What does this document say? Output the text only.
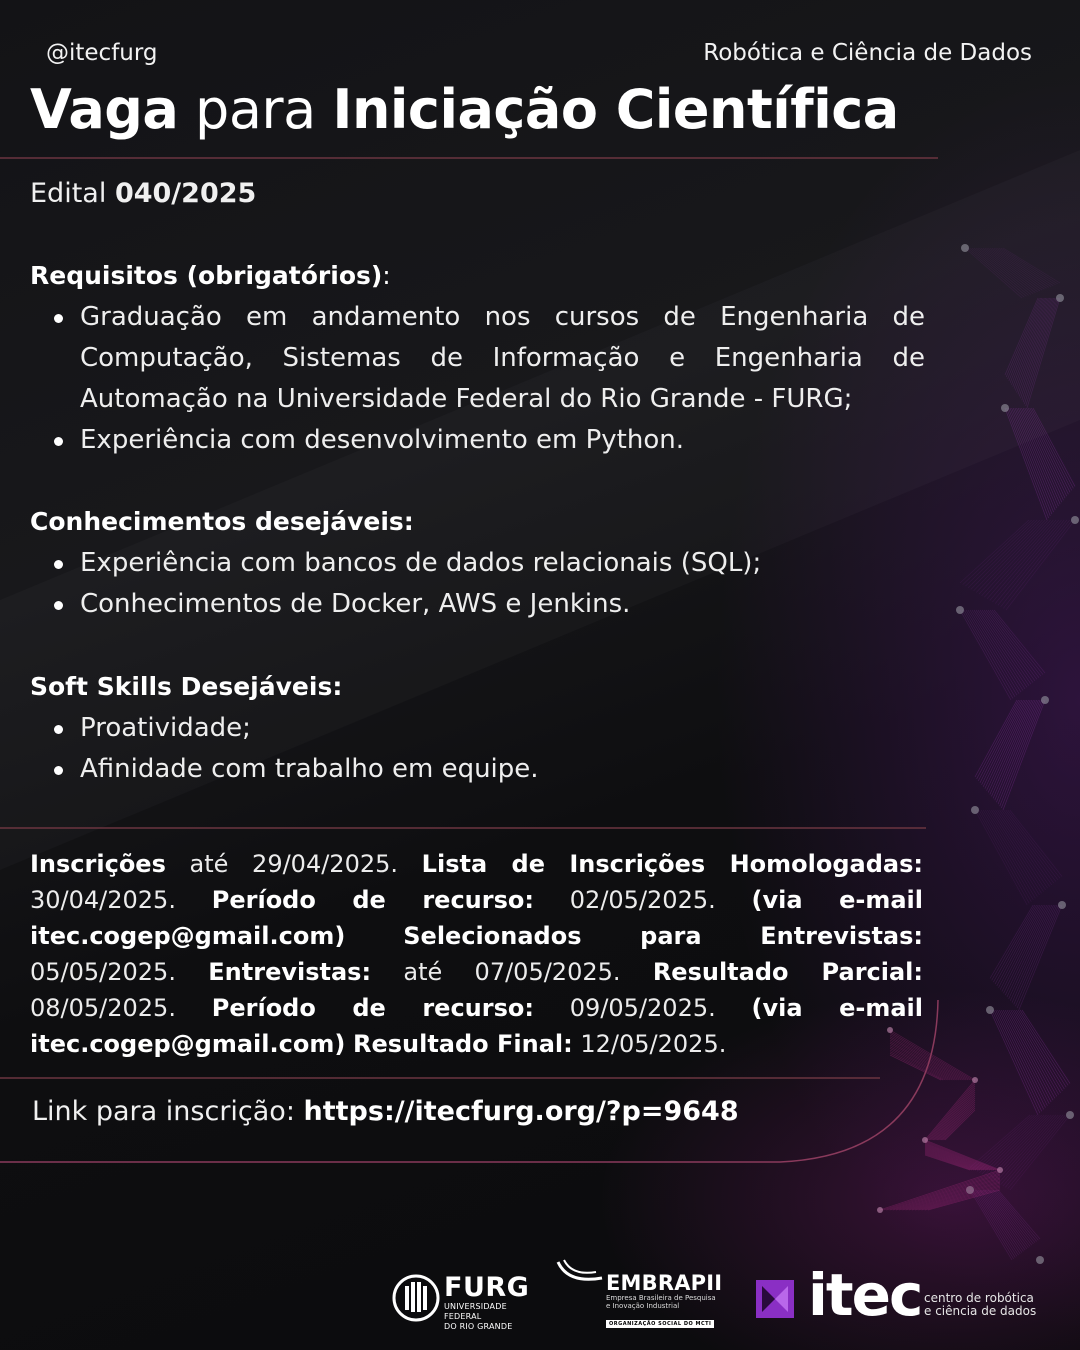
@itecfurg	Robótica e Ciência de Dados
Vaga para Iniciação Científica
Edital 040/2025

Requisitos (obrigatórios):

Graduação em andamento nos cursos de Engenharia de Computação, Sistemas de Informação e Engenharia de Automação na Universidade Federal do Rio Grande - FURG;
Experiência com desenvolvimento em Python.

Conhecimentos desejáveis:

Experiência com bancos de dados relacionais (SQL);
Conhecimentos de Docker, AWS e Jenkins.

Soft Skills Desejáveis:

Proatividade;
Afinidade com trabalho em equipe.
Inscrições até 29/04/2025. Lista de Inscrições Homologadas: 30/04/2025. Período de recurso: 02/05/2025. (via e-mail itec.cogep@gmail.com) Selecionados para Entrevistas: 05/05/2025. Entrevistas: até 07/05/2025. Resultado Parcial: 08/05/2025. Período de recurso: 09/05/2025. (via e-mail itec.cogep@gmail.com) Resultado Final: 12/05/2025.
Link para inscrição: https://itecfurg.org/?p=9648
FURG
UNIVERSIDADE FEDERAL
DO RIO GRANDE
EMBRAPII
Empresa Brasileira de Pesquisa
e Inovação Industrial
ORGANIZAÇÃO SOCIAL DO MCTI itec centro de robótica
e ciência de dados
